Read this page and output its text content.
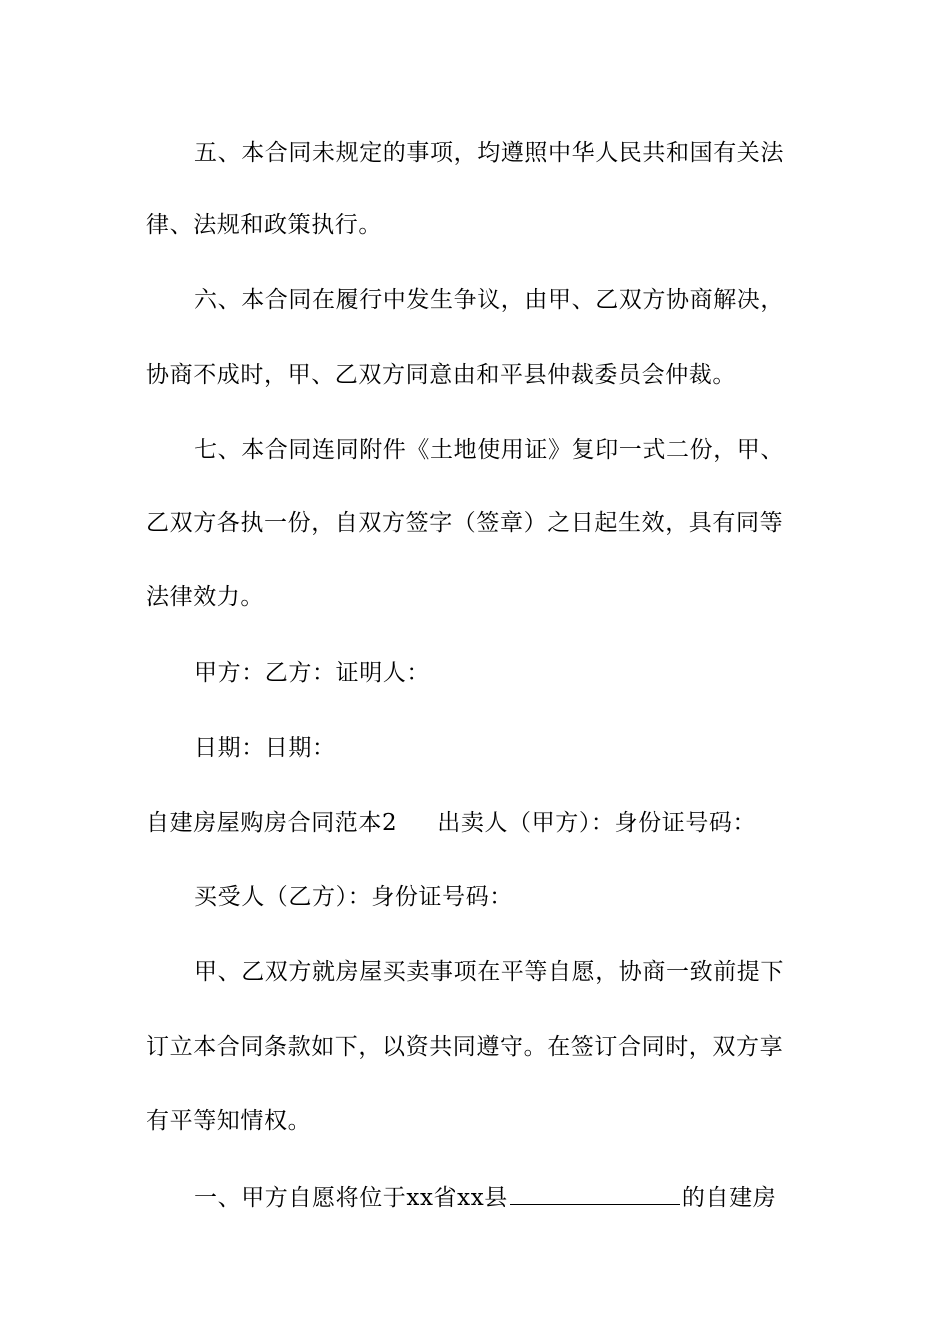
五、本合同未规定的事项，均遵照中华人民共和国有关法
律、法规和政策执行。
六、本合同在履行中发生争议，由甲、乙双方协商解决，
协商不成时，甲、乙双方同意由和平县仲裁委员会仲裁。
七、本合同连同附件《土地使用证》复印一式二份，甲、
乙双方各执一份，自双方签字（签章）之日起生效，具有同等
法律效力。
甲方：乙方：证明人：
日期：日期：
自建房屋购房合同范本2 出卖人（甲方）：身份证号码：
买受人（乙方）：身份证号码：
甲、乙双方就房屋买卖事项在平等自愿，协商一致前提下
订立本合同条款如下，以资共同遵守。在签订合同时，双方享
有平等知情权。
一、甲方自愿将位于xx省xx县	的自建房
